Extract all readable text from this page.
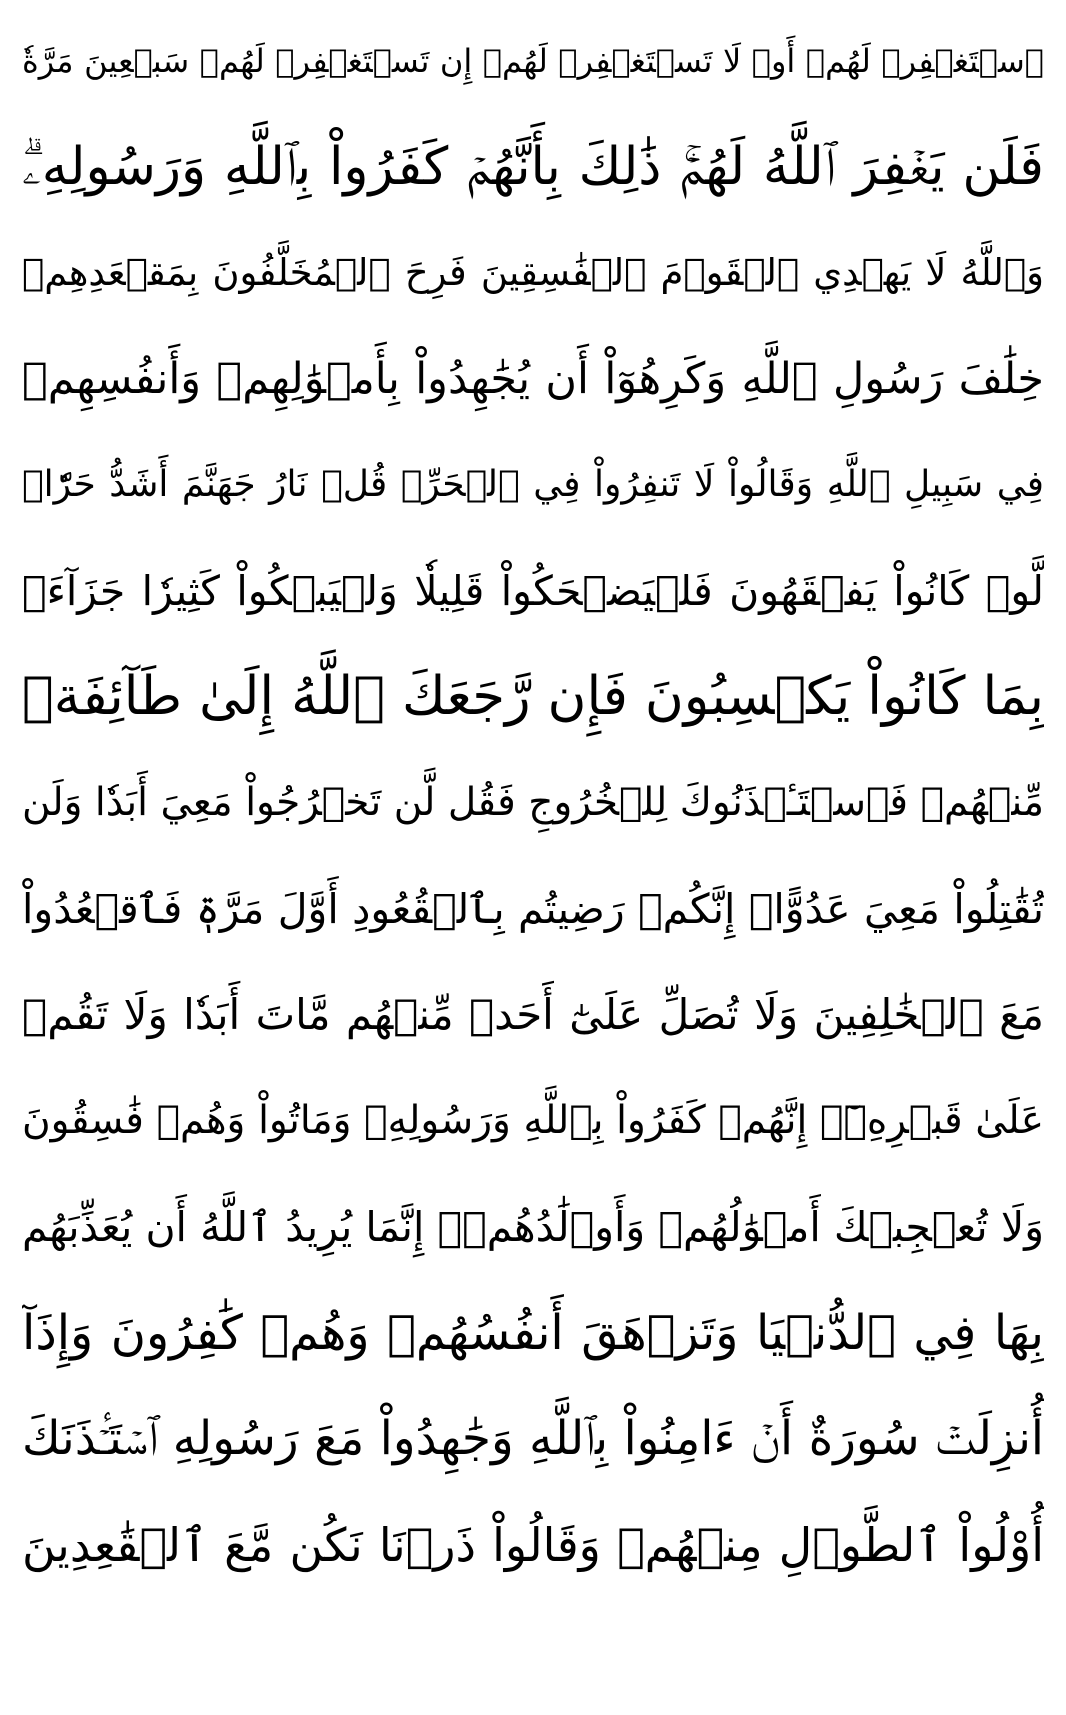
ٱسۡتَغۡفِرۡ لَهُمۡ أَوۡ لَا تَسۡتَغۡفِرۡ لَهُمۡ إِن تَسۡتَغۡفِرۡ لَهُمۡ سَبۡعِينَ مَرَّةٗ
فَلَن يَغۡفِرَ ٱللَّهُ لَهُمۡۚ ذَٰلِكَ بِأَنَّهُمۡ كَفَرُواْ بِٱللَّهِ وَرَسُولِهِۦۗ
وَٱللَّهُ لَا يَهۡدِي ٱلۡقَوۡمَ ٱلۡفَٰسِقِينَ فَرِحَ ٱلۡمُخَلَّفُونَ بِمَقۡعَدِهِمۡ
خِلَٰفَ رَسُولِ ٱللَّهِ وَكَرِهُوٓاْ أَن يُجَٰهِدُواْ بِأَمۡوَٰلِهِمۡ وَأَنفُسِهِمۡ
فِي سَبِيلِ ٱللَّهِ وَقَالُواْ لَا تَنفِرُواْ فِي ٱلۡحَرِّۗ قُلۡ نَارُ جَهَنَّمَ أَشَدُّ حَرّٗاۚ
لَّوۡ كَانُواْ يَفۡقَهُونَ فَلۡيَضۡحَكُواْ قَلِيلٗا وَلۡيَبۡكُواْ كَثِيرٗا جَزَآءَۢ
بِمَا كَانُواْ يَكۡسِبُونَ فَإِن رَّجَعَكَ ٱللَّهُ إِلَىٰ طَآئِفَةٖ
مِّنۡهُمۡ فَٱسۡتَـٔۡذَنُوكَ لِلۡخُرُوجِ فَقُل لَّن تَخۡرُجُواْ مَعِيَ أَبَدٗا وَلَن
تُقَٰتِلُواْ مَعِيَ عَدُوًّاۖ إِنَّكُمۡ رَضِيتُم بِٱلۡقُعُودِ أَوَّلَ مَرَّةٖ فَٱقۡعُدُواْ
مَعَ ٱلۡخَٰلِفِينَ وَلَا تُصَلِّ عَلَىٰٓ أَحَدٖ مِّنۡهُم مَّاتَ أَبَدٗا وَلَا تَقُمۡ
عَلَىٰ قَبۡرِهِۦٓۖ إِنَّهُمۡ كَفَرُواْ بِٱللَّهِ وَرَسُولِهِۦ وَمَاتُواْ وَهُمۡ فَٰسِقُونَ
وَلَا تُعۡجِبۡكَ أَمۡوَٰلُهُمۡ وَأَوۡلَٰدُهُمۡۚ إِنَّمَا يُرِيدُ ٱللَّهُ أَن يُعَذِّبَهُم
بِهَا فِي ٱلدُّنۡيَا وَتَزۡهَقَ أَنفُسُهُمۡ وَهُمۡ كَٰفِرُونَ وَإِذَآ
أُنزِلَتۡ سُورَةٌ أَنۡ ءَامِنُواْ بِٱللَّهِ وَجَٰهِدُواْ مَعَ رَسُولِهِ ٱسۡتَـٔۡذَنَكَ
أُوْلُواْ ٱلطَّوۡلِ مِنۡهُمۡ وَقَالُواْ ذَرۡنَا نَكُن مَّعَ ٱلۡقَٰعِدِينَ
